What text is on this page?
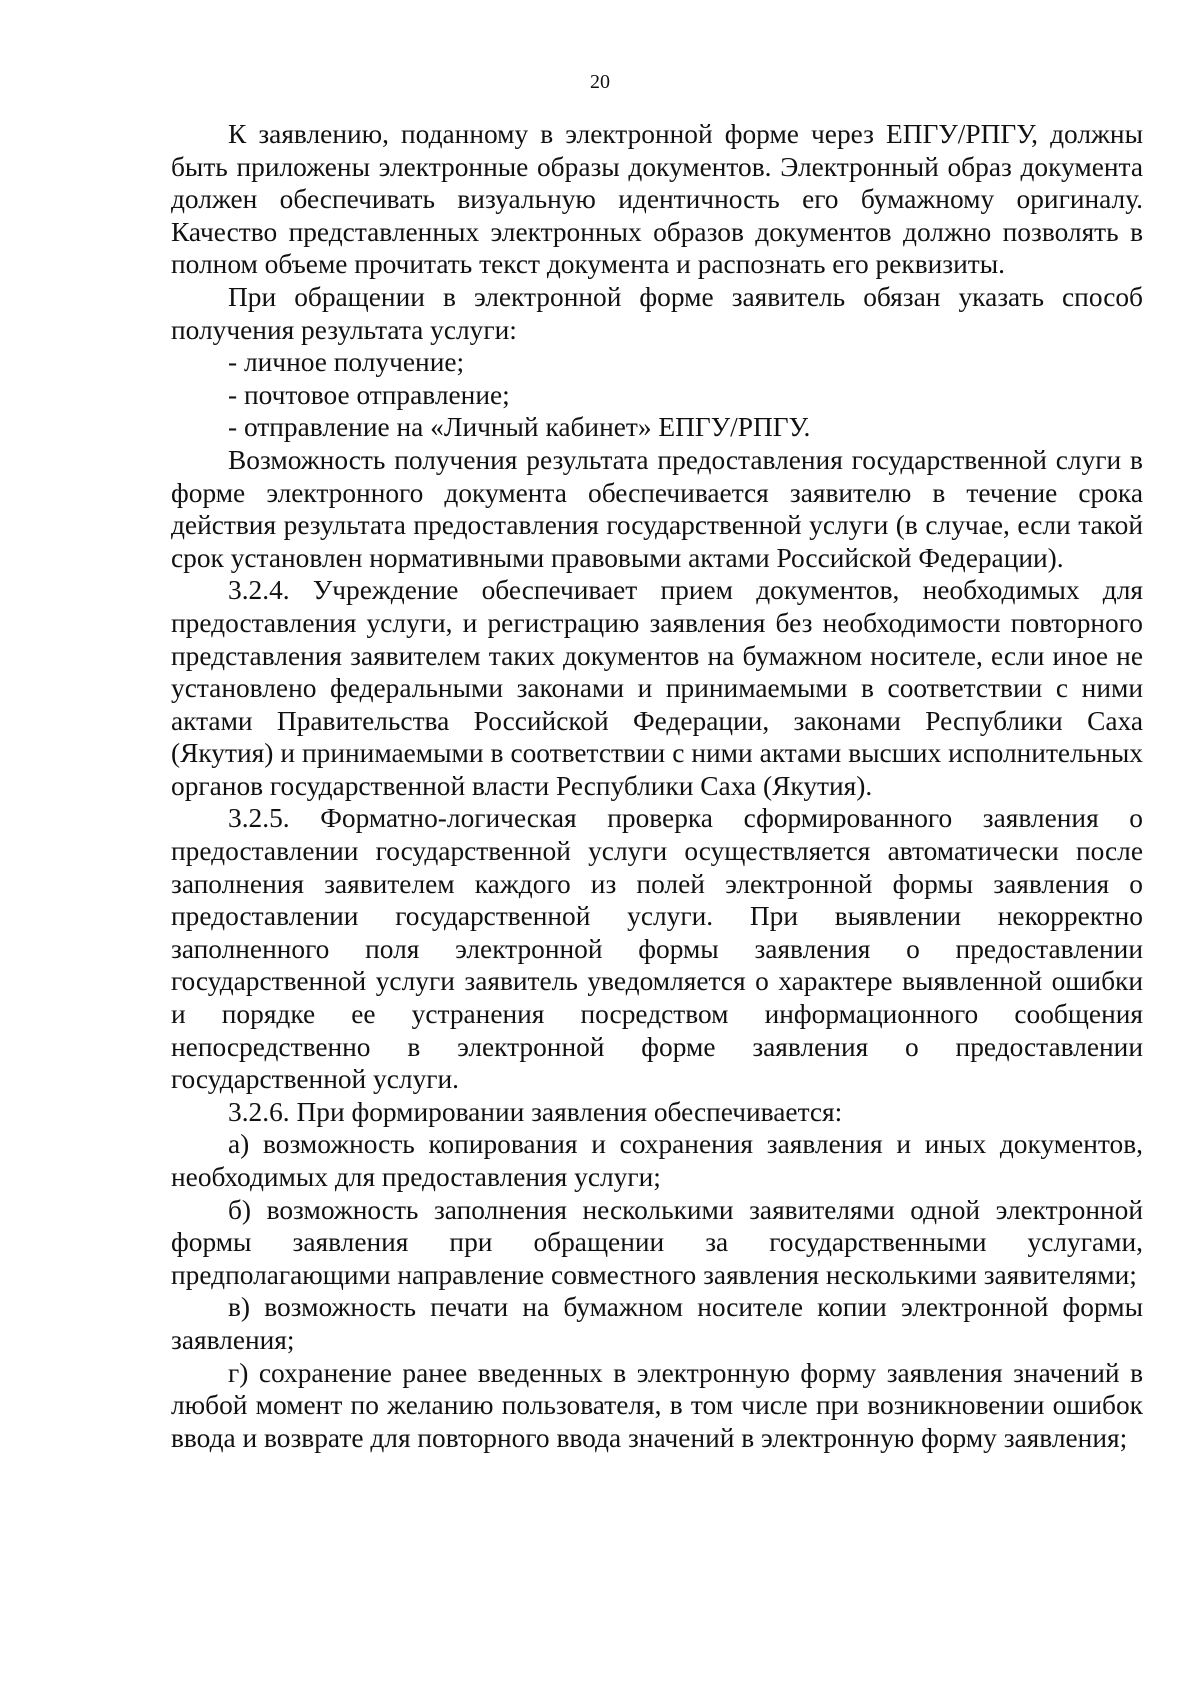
20

К заявлению, поданному в электронной форме через ЕПГУ/РПГУ, должны быть приложены электронные образы документов. Электронный образ документа должен обеспечивать визуальную идентичность его бумажному оригиналу. Качество представленных электронных образов документов должно позволять в полном объеме прочитать текст документа и распознать его реквизиты.

При обращении в электронной форме заявитель обязан указать способ получения результата услуги:

- личное получение;

- почтовое отправление;

- отправление на «Личный кабинет» ЕПГУ/РПГУ.

Возможность получения результата предоставления государственной слуги в форме электронного документа обеспечивается заявителю в течение срока действия результата предоставления государственной услуги (в случае, если такой срок установлен нормативными правовыми актами Российской Федерации).

3.2.4. Учреждение обеспечивает прием документов, необходимых для предоставления услуги, и регистрацию заявления без необходимости повторного представления заявителем таких документов на бумажном носителе, если иное не установлено федеральными законами и принимаемыми в соответствии с ними актами Правительства Российской Федерации, законами Республики Саха (Якутия) и принимаемыми в соответствии с ними актами высших исполнительных органов государственной власти Республики Саха (Якутия).

3.2.5. Форматно-логическая проверка сформированного заявления о предоставлении государственной услуги осуществляется автоматически после заполнения заявителем каждого из полей электронной формы заявления о предоставлении государственной услуги. При выявлении некорректно заполненного поля электронной формы заявления о предоставлении государственной услуги заявитель уведомляется о характере выявленной ошибки и порядке ее устранения посредством информационного сообщения непосредственно в электронной форме заявления о предоставлении государственной услуги.

3.2.6. При формировании заявления обеспечивается:

а) возможность копирования и сохранения заявления и иных документов, необходимых для предоставления услуги;

б) возможность заполнения несколькими заявителями одной электронной формы заявления при обращении за государственными услугами, предполагающими направление совместного заявления несколькими заявителями;

в) возможность печати на бумажном носителе копии электронной формы заявления;

г) сохранение ранее введенных в электронную форму заявления значений в любой момент по желанию пользователя, в том числе при возникновении ошибок ввода и возврате для повторного ввода значений в электронную форму заявления;
